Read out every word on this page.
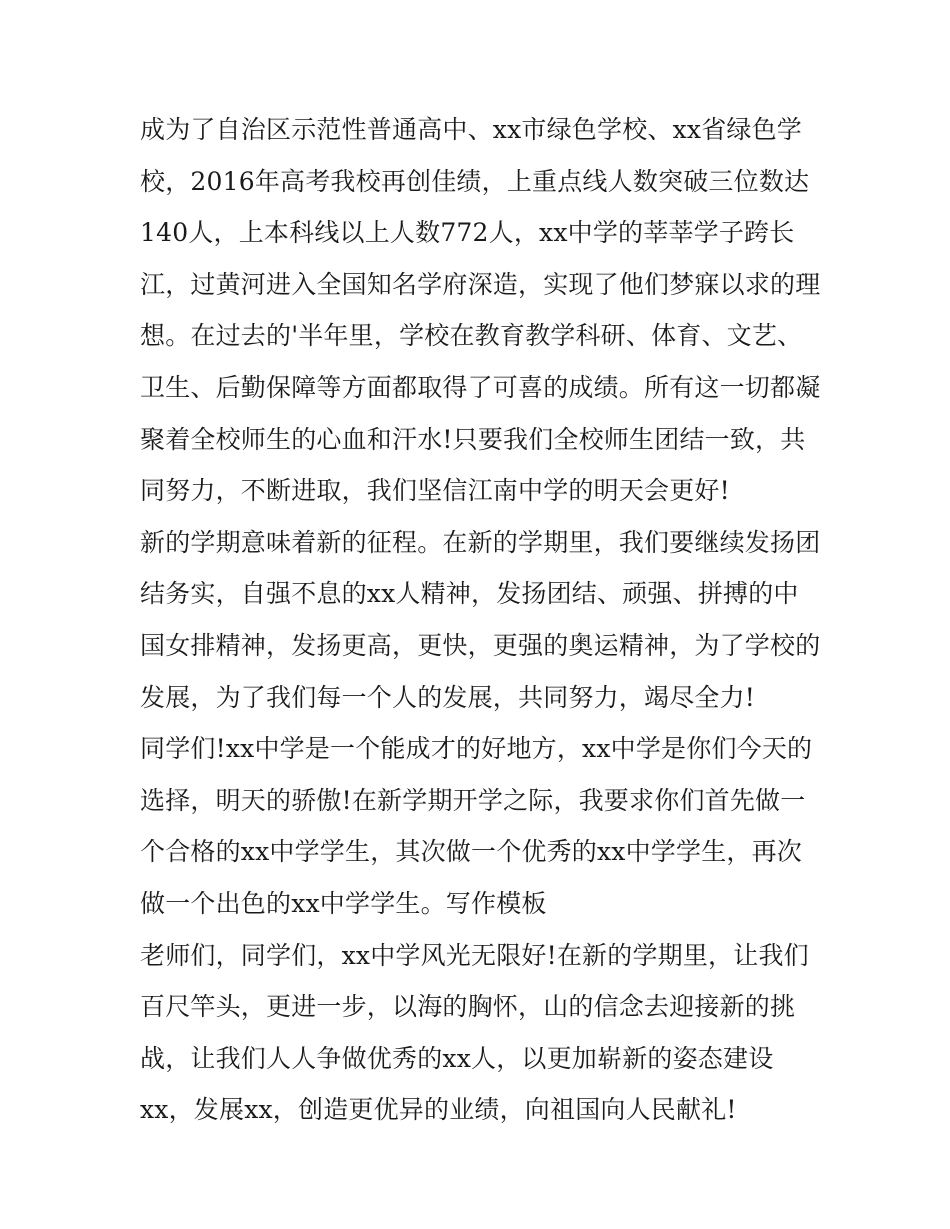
成为了自治区示范性普通高中、xx市绿色学校、xx省绿色学
校，2016年高考我校再创佳绩，上重点线人数突破三位数达
140人，上本科线以上人数772人，xx中学的莘莘学子跨长
江，过黄河进入全国知名学府深造，实现了他们梦寐以求的理
想。在过去的'半年里，学校在教育教学科研、体育、文艺、
卫生、后勤保障等方面都取得了可喜的成绩。所有这一切都凝
聚着全校师生的心血和汗水!只要我们全校师生团结一致，共
同努力，不断进取，我们坚信江南中学的明天会更好!
新的学期意味着新的征程。在新的学期里，我们要继续发扬团
结务实，自强不息的xx人精神，发扬团结、顽强、拼搏的中
国女排精神，发扬更高，更快，更强的奥运精神，为了学校的
发展，为了我们每一个人的发展，共同努力，竭尽全力!
同学们!xx中学是一个能成才的好地方，xx中学是你们今天的
选择，明天的骄傲!在新学期开学之际，我要求你们首先做一
个合格的xx中学学生，其次做一个优秀的xx中学学生，再次
做一个出色的xx中学学生。写作模板
老师们，同学们，xx中学风光无限好!在新的学期里，让我们
百尺竿头，更进一步，以海的胸怀，山的信念去迎接新的挑
战，让我们人人争做优秀的xx人，以更加崭新的姿态建设
xx，发展xx，创造更优异的业绩，向祖国向人民献礼!
